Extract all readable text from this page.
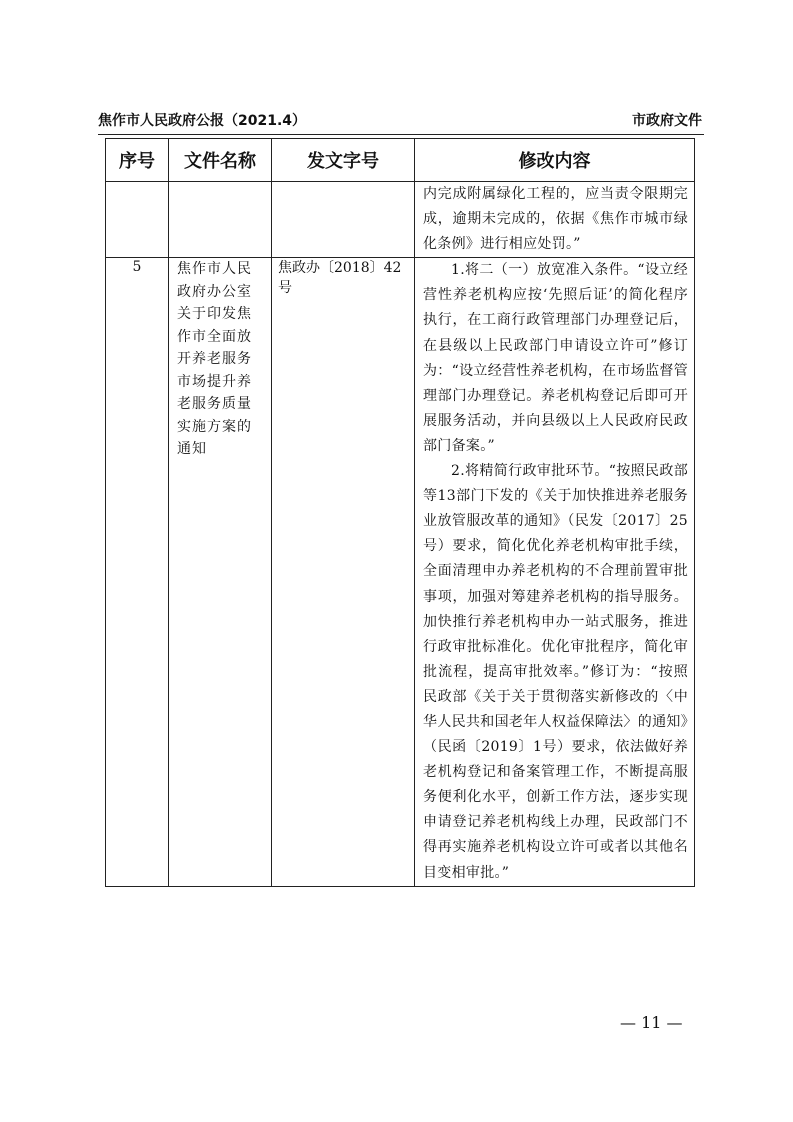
焦作市人民政府公报（2021.4）	市政府文件
序号	文件名称	发文字号	修改内容

			内完成附属绿化工程的，应当责令限期完成，逾期未完成的，依据《焦作市城市绿化条例》进行相应处罚。”

5	焦作市人民政府办公室关于印发焦作市全面放开养老服务市场提升养老服务质量实施方案的通知	焦政办〔2018〕42号	1.将二（一）放宽准入条件。“设立经营性养老机构应按‘先照后证’的简化程序执行，在工商行政管理部门办理登记后，在县级以上民政部门申请设立许可”修订为：“设立经营性养老机构，在市场监督管理部门办理登记。养老机构登记后即可开展服务活动，并向县级以上人民政府民政部门备案。”

2.将精简行政审批环节。“按照民政部等13部门下发的《关于加快推进养老服务业放管服改革的通知》（民发〔2017〕25号）要求，简化优化养老机构审批手续，全面清理申办养老机构的不合理前置审批事项，加强对筹建养老机构的指导服务。加快推行养老机构申办一站式服务，推进行政审批标准化。优化审批程序，简化审批流程，提高审批效率。”修订为：“按照民政部《关于关于贯彻落实新修改的〈中华人民共和国老年人权益保障法〉的通知》（民函〔2019〕1号）要求，依法做好养老机构登记和备案管理工作，不断提高服务便利化水平，创新工作方法，逐步实现申请登记养老机构线上办理，民政部门不得再实施养老机构设立许可或者以其他名目变相审批。”

— 11 —
